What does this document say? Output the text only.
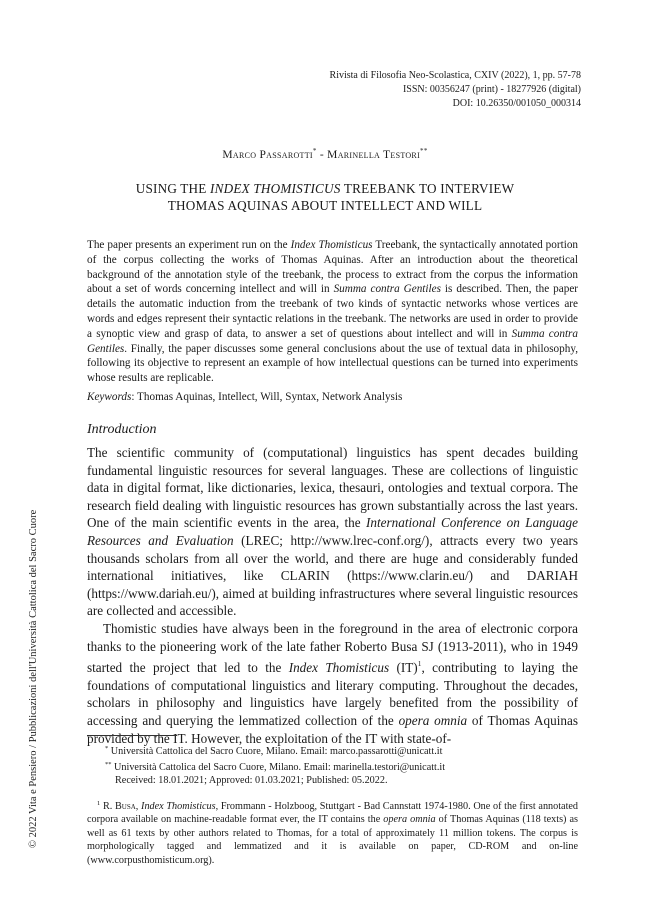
Rivista di Filosofia Neo-Scolastica, CXIV (2022), 1, pp. 57-78
ISSN: 00356247 (print) - 18277926 (digital)
DOI: 10.26350/001050_000314
Marco Passarotti* - Marinella Testori**
USING THE INDEX THOMISTICUS TREEBANK TO INTERVIEW
THOMAS AQUINAS ABOUT INTELLECT AND WILL
The paper presents an experiment run on the Index Thomisticus Treebank, the syntactically annotated portion of the corpus collecting the works of Thomas Aquinas. After an introduction about the theoretical background of the annotation style of the treebank, the process to extract from the corpus the information about a set of words concerning intellect and will in Summa contra Gentiles is described. Then, the paper details the automatic induction from the treebank of two kinds of syntactic networks whose vertices are words and edges represent their syntactic relations in the treebank. The networks are used in order to provide a synoptic view and grasp of data, to answer a set of questions about intellect and will in Summa contra Gentiles. Finally, the paper discusses some general conclusions about the use of textual data in philosophy, following its objective to represent an example of how intellectual questions can be turned into experiments whose results are replicable.
Keywords: Thomas Aquinas, Intellect, Will, Syntax, Network Analysis
Introduction

The scientific community of (computational) linguistics has spent decades building fundamental linguistic resources for several languages. These are collections of linguistic data in digital format, like dictionaries, lexica, thesauri, ontologies and textual corpora. The research field dealing with linguistic resources has grown substantially across the last years. One of the main scientific events in the area, the International Conference on Language Resources and Evaluation (LREC; http://www.lrec-conf.org/), attracts every two years thousands scholars from all over the world, and there are huge and considerably funded international initiatives, like CLARIN (https://www.clarin.eu/) and DARIAH (https://www.dariah.eu/), aimed at building infrastructures where several linguistic resources are collected and accessible.

Thomistic studies have always been in the foreground in the area of electronic corpora thanks to the pioneering work of the late father Roberto Busa SJ (1913-2011), who in 1949 started the project that led to the Index Thomisticus (IT)$^1$, contributing to laying the foundations of computational linguistics and literary computing. Throughout the decades, scholars in philosophy and linguistics have largely benefited from the possibility of accessing and querying the lemmatized collection of the opera omnia of Thomas Aquinas provided by the IT. However, the exploitation of the IT with state-of-

* Università Cattolica del Sacro Cuore, Milano. Email: marco.passarotti@unicatt.it
** Università Cattolica del Sacro Cuore, Milano. Email: marinella.testori@unicatt.it
Received: 18.01.2021; Approved: 01.03.2021; Published: 05.2022.
$^1$ R. Busa, Index Thomisticus, Frommann - Holzboog, Stuttgart - Bad Cannstatt 1974-1980. One of the first annotated corpora available on machine-readable format ever, the IT contains the opera omnia of Thomas Aquinas (118 texts) as well as 61 texts by other authors related to Thomas, for a total of approximately 11 million tokens. The corpus is morphologically tagged and lemmatized and it is available on paper, CD-ROM and on-line (www.corpusthomisticum.org).
© 2022 Vita e Pensiero / Pubblicazioni dell'Università Cattolica del Sacro Cuore
